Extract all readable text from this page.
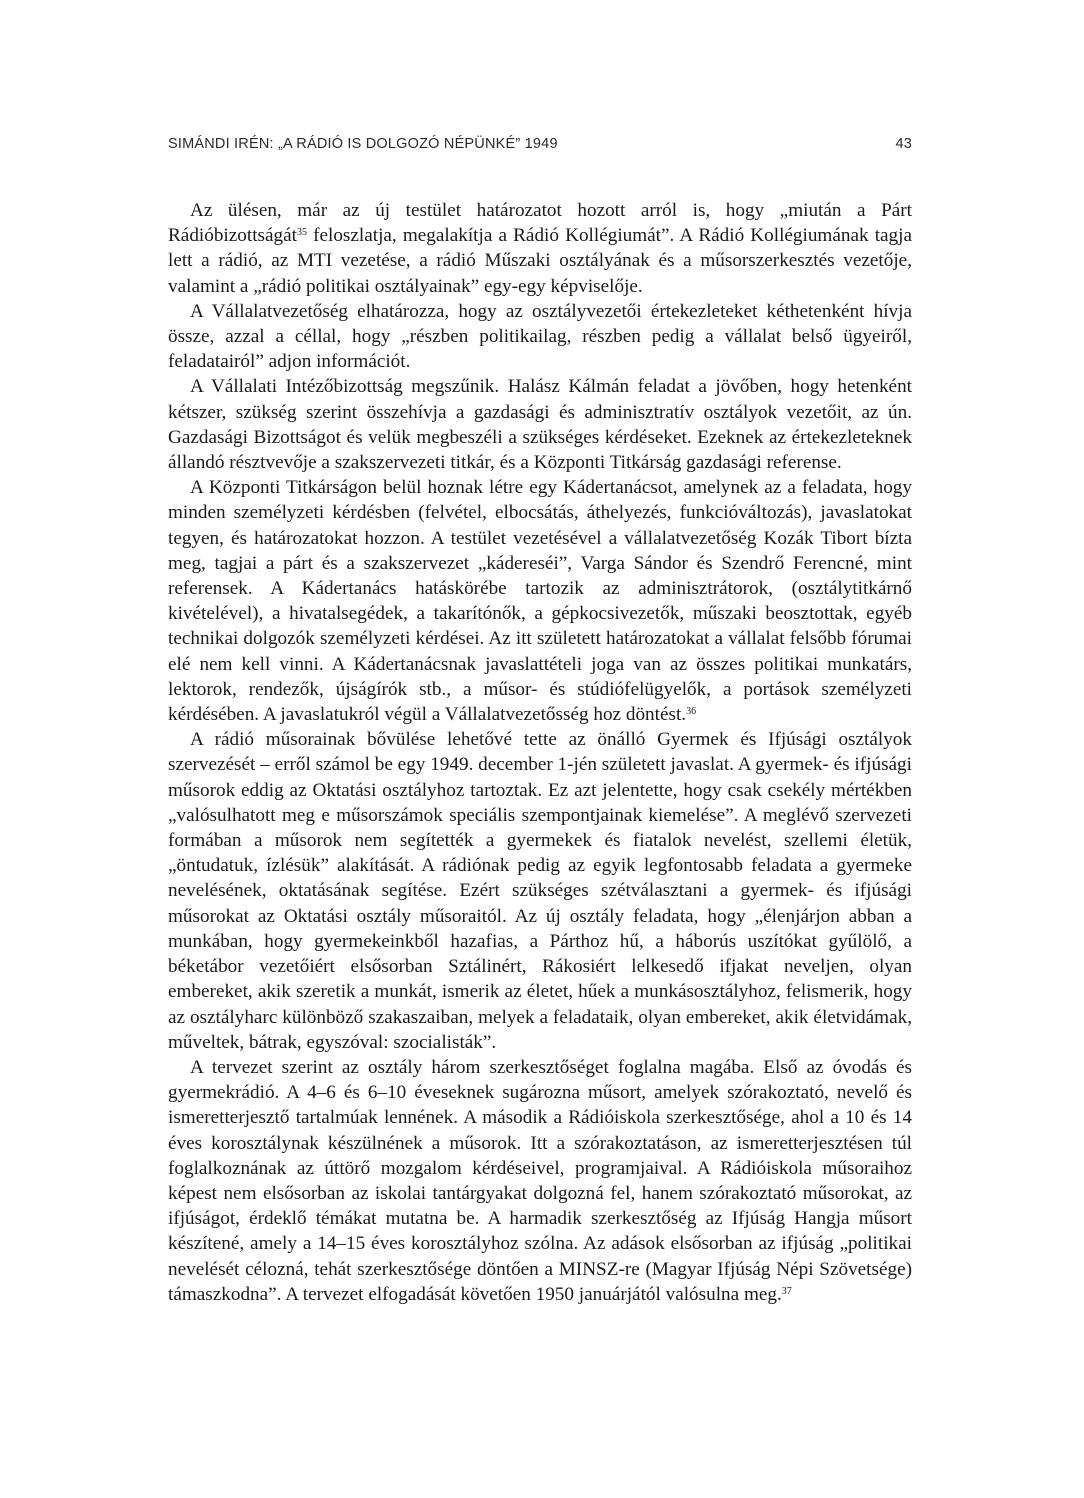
SIMÁNDI IRÉN: „A RÁDIÓ IS DOLGOZÓ NÉPÜNKÉ” 1949	43

Az ülésen, már az új testület határozatot hozott arról is, hogy „miután a Párt Rádióbizottságát$^{35}$ feloszlatja, megalakítja a Rádió Kollégiumát”. A Rádió Kollégiumának tagja lett a rádió, az MTI vezetése, a rádió Műszaki osztályának és a műsorszerkesztés vezetője, valamint a „rádió politikai osztályainak” egy-egy képviselője.

A Vállalatvezetőség elhatározza, hogy az osztályvezetői értekezleteket kéthetenként hívja össze, azzal a céllal, hogy „részben politikailag, részben pedig a vállalat belső ügyeiről, feladatairól” adjon információt.

A Vállalati Intézőbizottság megszűnik. Halász Kálmán feladat a jövőben, hogy hetenként kétszer, szükség szerint összehívja a gazdasági és adminisztratív osztályok vezetőit, az ún. Gazdasági Bizottságot és velük megbeszéli a szükséges kérdéseket. Ezeknek az értekezleteknek állandó résztvevője a szakszervezeti titkár, és a Központi Titkárság gazdasági referense.

A Központi Titkárságon belül hoznak létre egy Kádertanácsot, amelynek az a feladata, hogy minden személyzeti kérdésben (felvétel, elbocsátás, áthelyezés, funkcióváltozás), javaslatokat tegyen, és határozatokat hozzon. A testület vezetésével a vállalatvezetőség Kozák Tibort bízta meg, tagjai a párt és a szakszervezet „kádereséi”, Varga Sándor és Szendrő Ferencné, mint referensek. A Kádertanács hatáskörébe tartozik az adminisztrátorok, (osztálytitkárnő kivételével), a hivatalsegédek, a takarítónők, a gépkocsivezetők, műszaki beosztottak, egyéb technikai dolgozók személyzeti kérdései. Az itt született határozatokat a vállalat felsőbb fórumai elé nem kell vinni. A Kádertanácsnak javaslattételi joga van az összes politikai munkatárs, lektorok, rendezők, újságírók stb., a műsor- és stúdiófelügyelők, a portások személyzeti kérdésében. A javaslatukról végül a Vállalatvezetősség hoz döntést.$^{36}$

A rádió műsorainak bővülése lehetővé tette az önálló Gyermek és Ifjúsági osztályok szervezését – erről számol be egy 1949. december 1-jén született javaslat. A gyermek- és ifjúsági műsorok eddig az Oktatási osztályhoz tartoztak. Ez azt jelentette, hogy csak csekély mértékben „valósulhatott meg e műsorszámok speciális szempontjainak kiemelése”. A meglévő szervezeti formában a műsorok nem segítették a gyermekek és fiatalok nevelést, szellemi életük, „öntudatuk, ízlésük” alakítását. A rádiónak pedig az egyik legfontosabb feladata a gyermeke nevelésének, oktatásának segítése. Ezért szükséges szétválasztani a gyermek- és ifjúsági műsorokat az Oktatási osztály műsoraitól. Az új osztály feladata, hogy „élenjárjon abban a munkában, hogy gyermekeinkből hazafias, a Párthoz hű, a háborús uszítókat gyűlölő, a béketábor vezetőiért elsősorban Sztálinért, Rákosiért lelkesedő ifjakat neveljen, olyan embereket, akik szeretik a munkát, ismerik az életet, hűek a munkásosztályhoz, felismerik, hogy az osztályharc különböző szakaszaiban, melyek a feladataik, olyan embereket, akik életvidámak, műveltek, bátrak, egyszóval: szocialisták”.

A tervezet szerint az osztály három szerkesztőséget foglalna magába. Első az óvodás és gyermekrádió. A 4–6 és 6–10 éveseknek sugározna műsort, amelyek szórakoztató, nevelő és ismeretterjesztő tartalmúak lennének. A második a Rádióiskola szerkesztősége, ahol a 10 és 14 éves korosztálynak készülnének a műsorok. Itt a szórakoztatáson, az ismeretterjesztésen túl foglalkoznának az úttörő mozgalom kérdéseivel, programjaival. A Rádióiskola műsoraihoz képest nem elsősorban az iskolai tantárgyakat dolgozná fel, hanem szórakoztató műsorokat, az ifjúságot, érdeklő témákat mutatna be. A harmadik szerkesztőség az Ifjúság Hangja műsort készítené, amely a 14–15 éves korosztályhoz szólna. Az adások elsősorban az ifjúság „politikai nevelését célozná, tehát szerkesztősége döntően a MINSZ-re (Magyar Ifjúság Népi Szövetsége) támaszkodna”. A tervezet elfogadását követően 1950 januárjától valósulna meg.$^{37}$
